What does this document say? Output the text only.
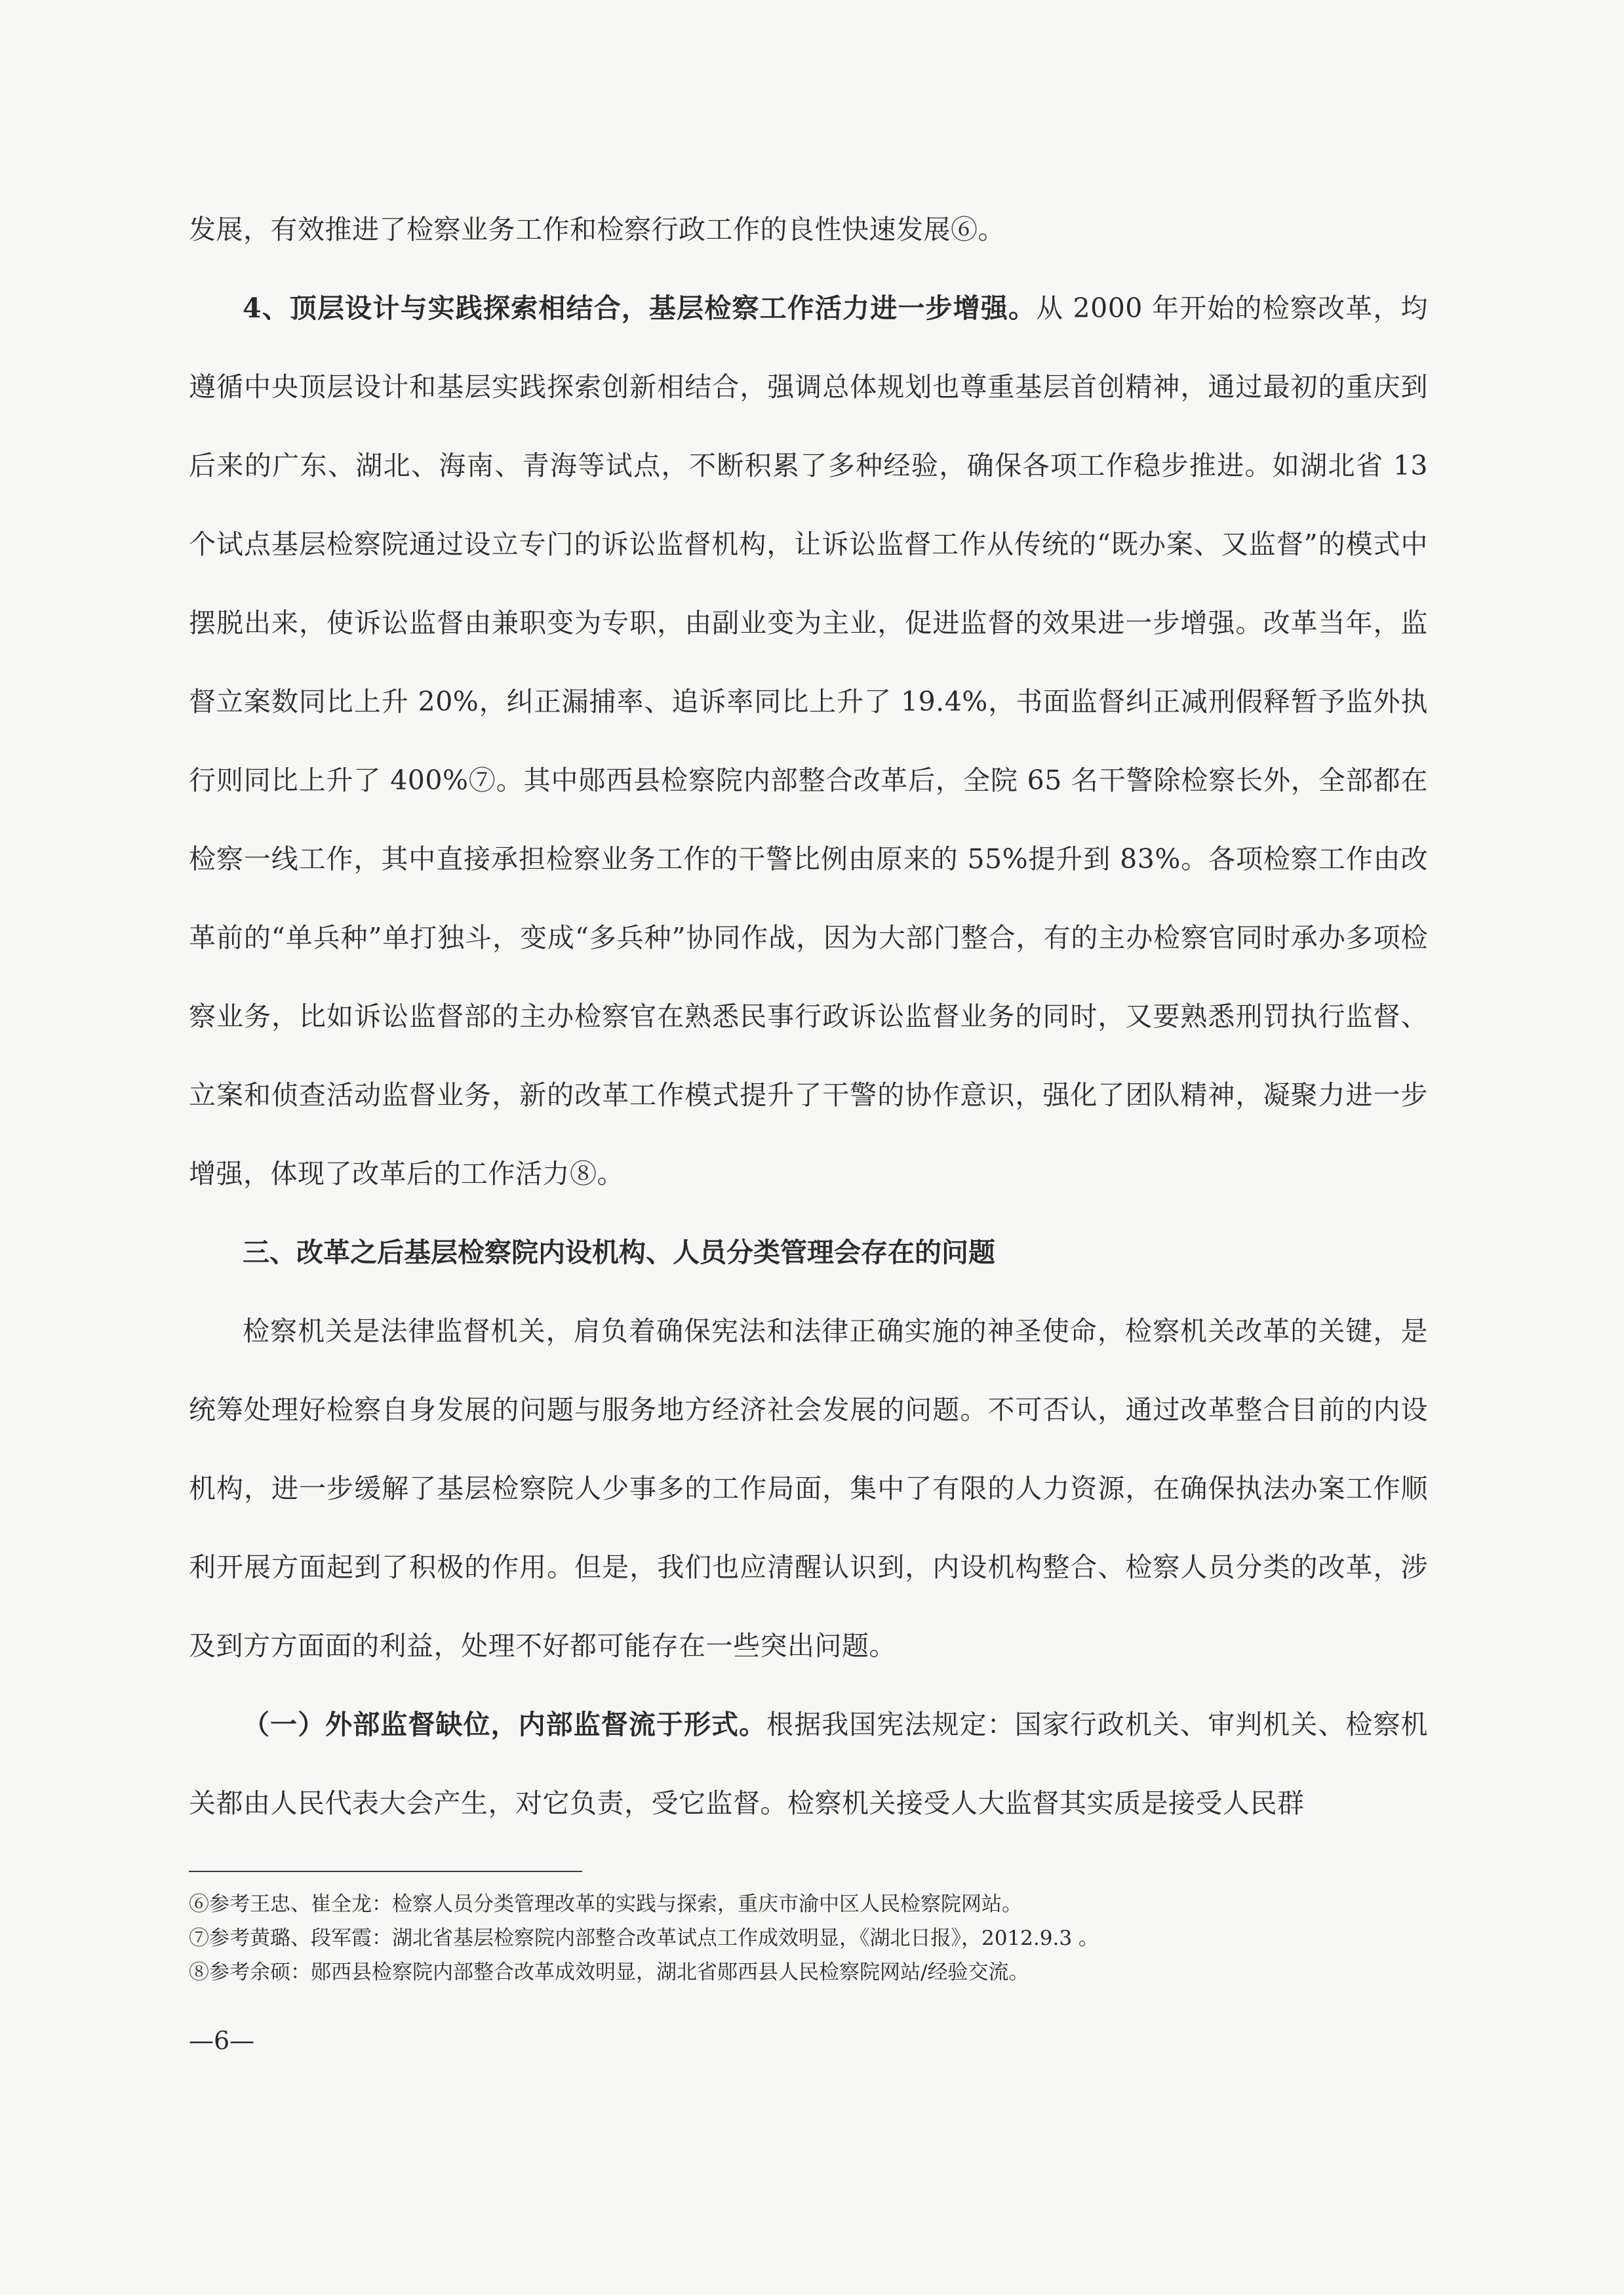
发展，有效推进了检察业务工作和检察行政工作的良性快速发展⑥。

4、顶层设计与实践探索相结合，基层检察工作活力进一步增强。从 2000 年开始的检察改革，均遵循中央顶层设计和基层实践探索创新相结合，强调总体规划也尊重基层首创精神，通过最初的重庆到后来的广东、湖北、海南、青海等试点，不断积累了多种经验，确保各项工作稳步推进。如湖北省 13 个试点基层检察院通过设立专门的诉讼监督机构，让诉讼监督工作从传统的“既办案、又监督”的模式中摆脱出来，使诉讼监督由兼职变为专职，由副业变为主业，促进监督的效果进一步增强。改革当年，监督立案数同比上升 20%，纠正漏捕率、追诉率同比上升了 19.4%，书面监督纠正减刑假释暂予监外执行则同比上升了 400%⑦。其中郧西县检察院内部整合改革后，全院 65 名干警除检察长外，全部都在检察一线工作，其中直接承担检察业务工作的干警比例由原来的 55%提升到 83%。各项检察工作由改革前的“单兵种”单打独斗，变成“多兵种”协同作战，因为大部门整合，有的主办检察官同时承办多项检察业务，比如诉讼监督部的主办检察官在熟悉民事行政诉讼监督业务的同时，又要熟悉刑罚执行监督、立案和侦查活动监督业务，新的改革工作模式提升了干警的协作意识，强化了团队精神，凝聚力进一步增强，体现了改革后的工作活力⑧。

三、改革之后基层检察院内设机构、人员分类管理会存在的问题

检察机关是法律监督机关，肩负着确保宪法和法律正确实施的神圣使命，检察机关改革的关键，是统筹处理好检察自身发展的问题与服务地方经济社会发展的问题。不可否认，通过改革整合目前的内设机构，进一步缓解了基层检察院人少事多的工作局面，集中了有限的人力资源，在确保执法办案工作顺利开展方面起到了积极的作用。但是，我们也应清醒认识到，内设机构整合、检察人员分类的改革，涉及到方方面面的利益，处理不好都可能存在一些突出问题。

（一）外部监督缺位，内部监督流于形式。根据我国宪法规定：国家行政机关、审判机关、检察机关都由人民代表大会产生，对它负责，受它监督。检察机关接受人大监督其实质是接受人民群

⑥参考王忠、崔全龙：检察人员分类管理改革的实践与探索，重庆市渝中区人民检察院网站。

⑦参考黄璐、段军霞：湖北省基层检察院内部整合改革试点工作成效明显，《湖北日报》，2012.9.3 。

⑧参考余硕：郧西县检察院内部整合改革成效明显，湖北省郧西县人民检察院网站/经验交流。

—6—
